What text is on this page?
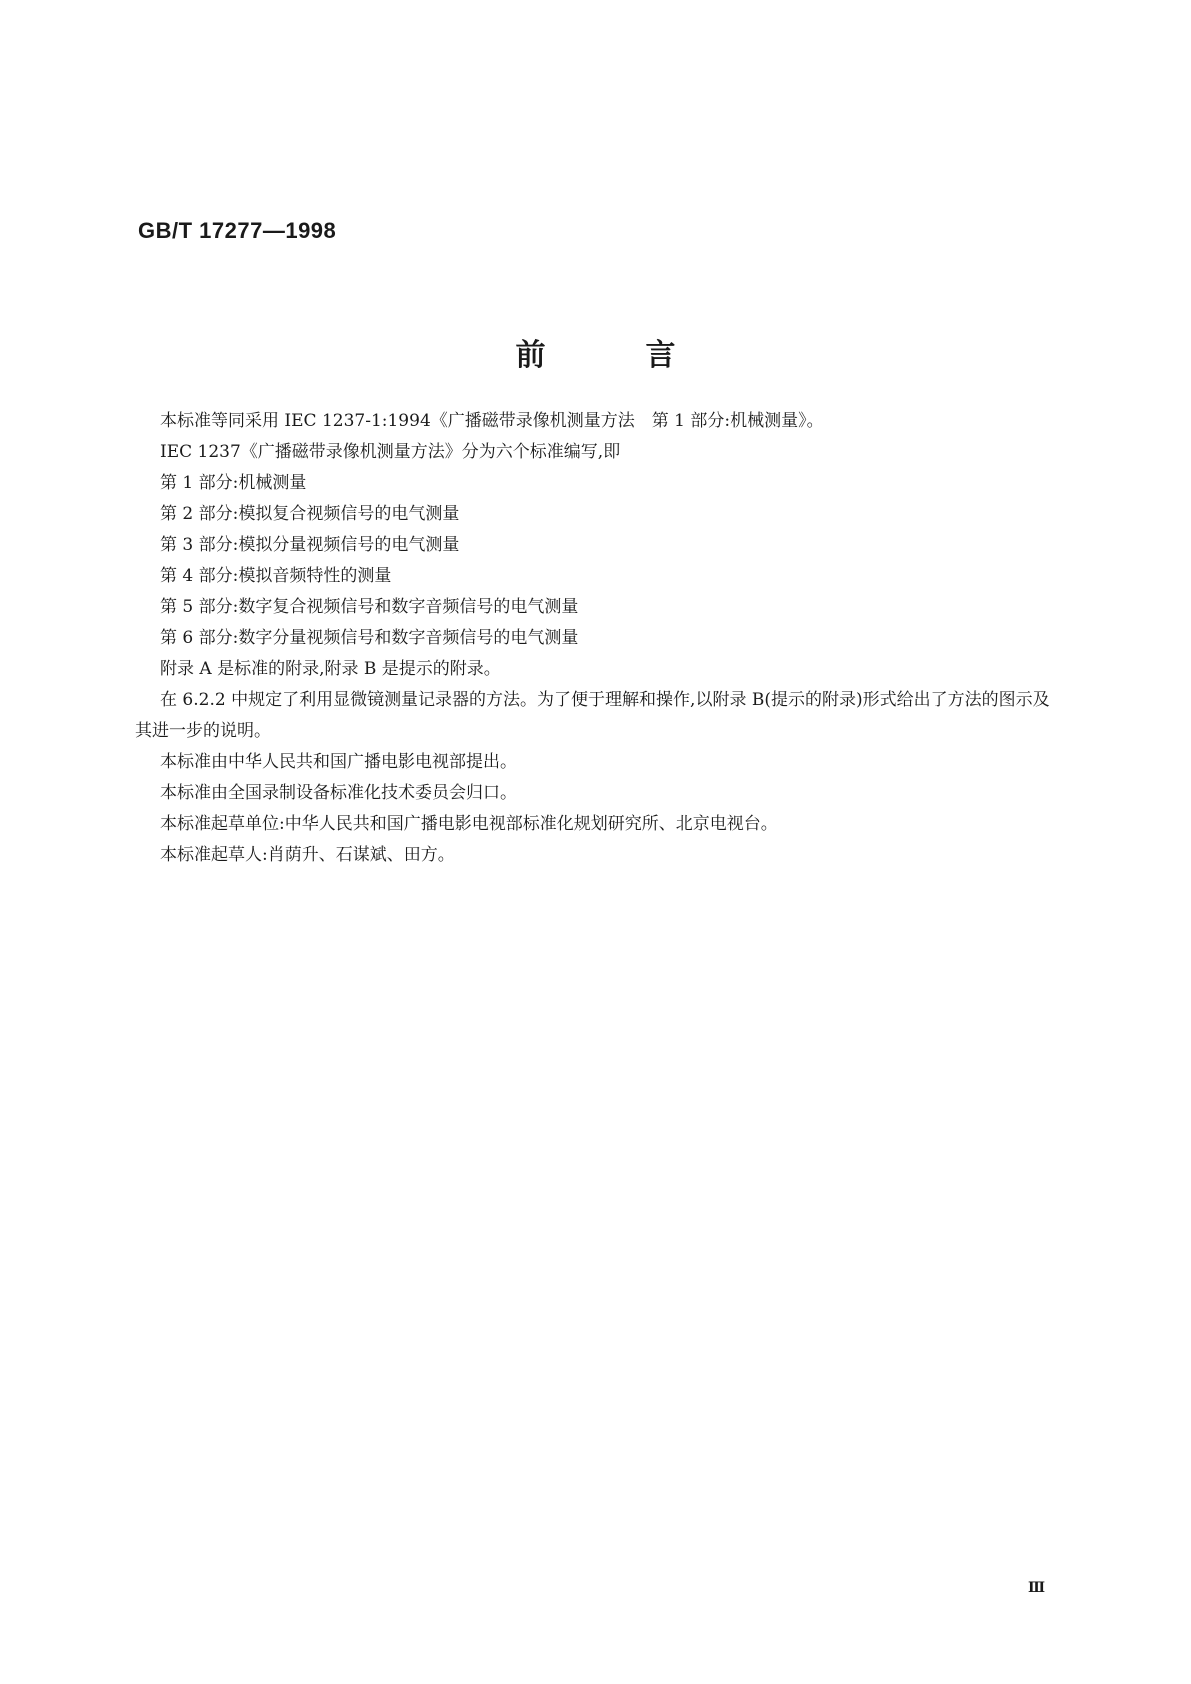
GB/T 17277—1998
前言

本标准等同采用 IEC 1237-1:1994《广播磁带录像机测量方法　第 1 部分:机械测量》。

IEC 1237《广播磁带录像机测量方法》分为六个标准编写,即

第 1 部分:机械测量

第 2 部分:模拟复合视频信号的电气测量

第 3 部分:模拟分量视频信号的电气测量

第 4 部分:模拟音频特性的测量

第 5 部分:数字复合视频信号和数字音频信号的电气测量

第 6 部分:数字分量视频信号和数字音频信号的电气测量

附录 A 是标准的附录,附录 B 是提示的附录。

在 6.2.2 中规定了利用显微镜测量记录器的方法。为了便于理解和操作,以附录 B(提示的附录)形式给出了方法的图示及其进一步的说明。

本标准由中华人民共和国广播电影电视部提出。

本标准由全国录制设备标准化技术委员会归口。

本标准起草单位:中华人民共和国广播电影电视部标准化规划研究所、北京电视台。

本标准起草人:肖荫升、石谋斌、田方。

Ⅲ
